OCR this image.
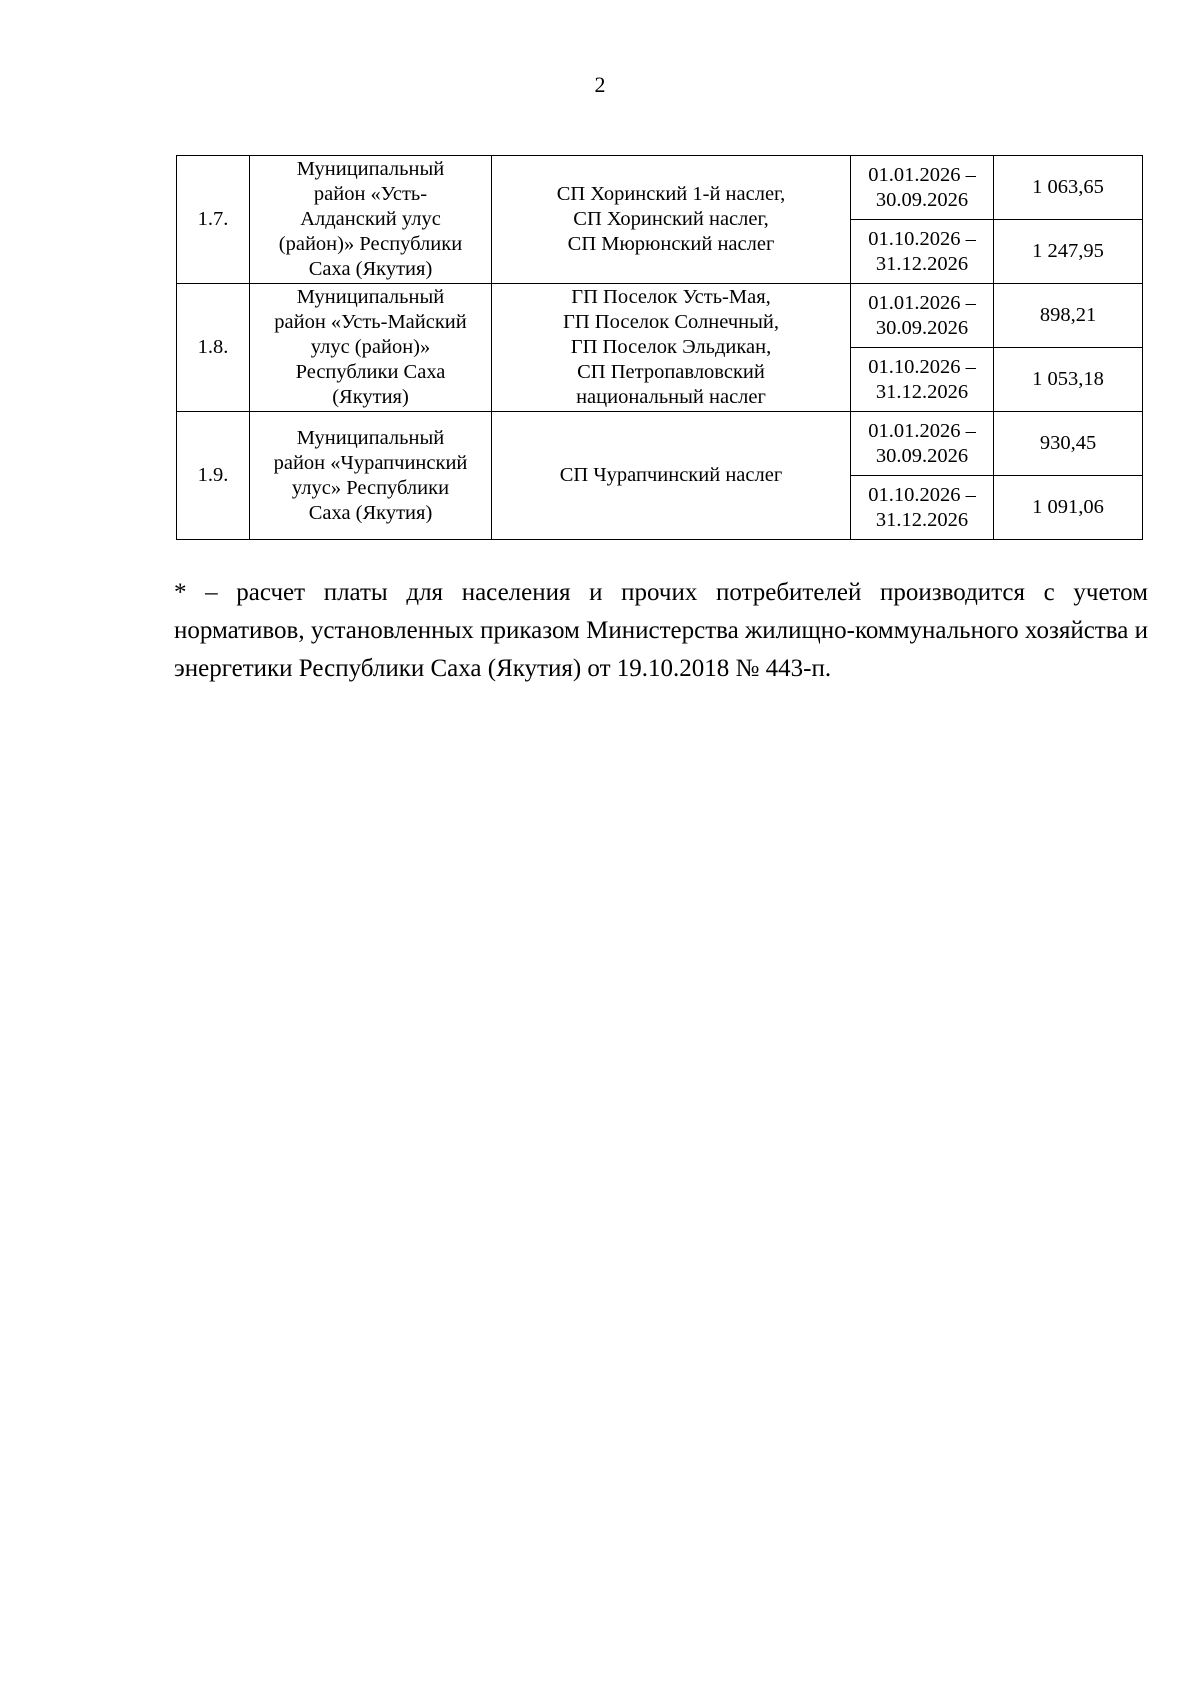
2
1.7.	Муниципальный
район «Усть-
Алданский улус
(район)» Республики
Саха (Якутия)	СП Хоринский 1-й наслег,
СП Хоринский наслег,
СП Мюрюнский наслег	01.01.2026 –
30.09.2026	1 063,65

			01.10.2026 –
31.12.2026	1 247,95
1.8.	Муниципальный
район «Усть-Майский
улус (район)»
Республики Саха
(Якутия)	ГП Поселок Усть-Мая,
ГП Поселок Солнечный,
ГП Поселок Эльдикан,
СП Петропавловский
национальный наслег	01.01.2026 –
30.09.2026	898,21

			01.10.2026 –
31.12.2026	1 053,18
1.9.	Муниципальный
район «Чурапчинский
улус» Республики
Саха (Якутия)	СП Чурапчинский наслег	01.01.2026 –
30.09.2026	930,45

			01.10.2026 –
31.12.2026	1 091,06

* – расчет платы для населения и прочих потребителей производится с учетом нормативов, установленных приказом Министерства жилищно-коммунального хозяйства и энергетики Республики Саха (Якутия) от 19.10.2018 № 443-п.
